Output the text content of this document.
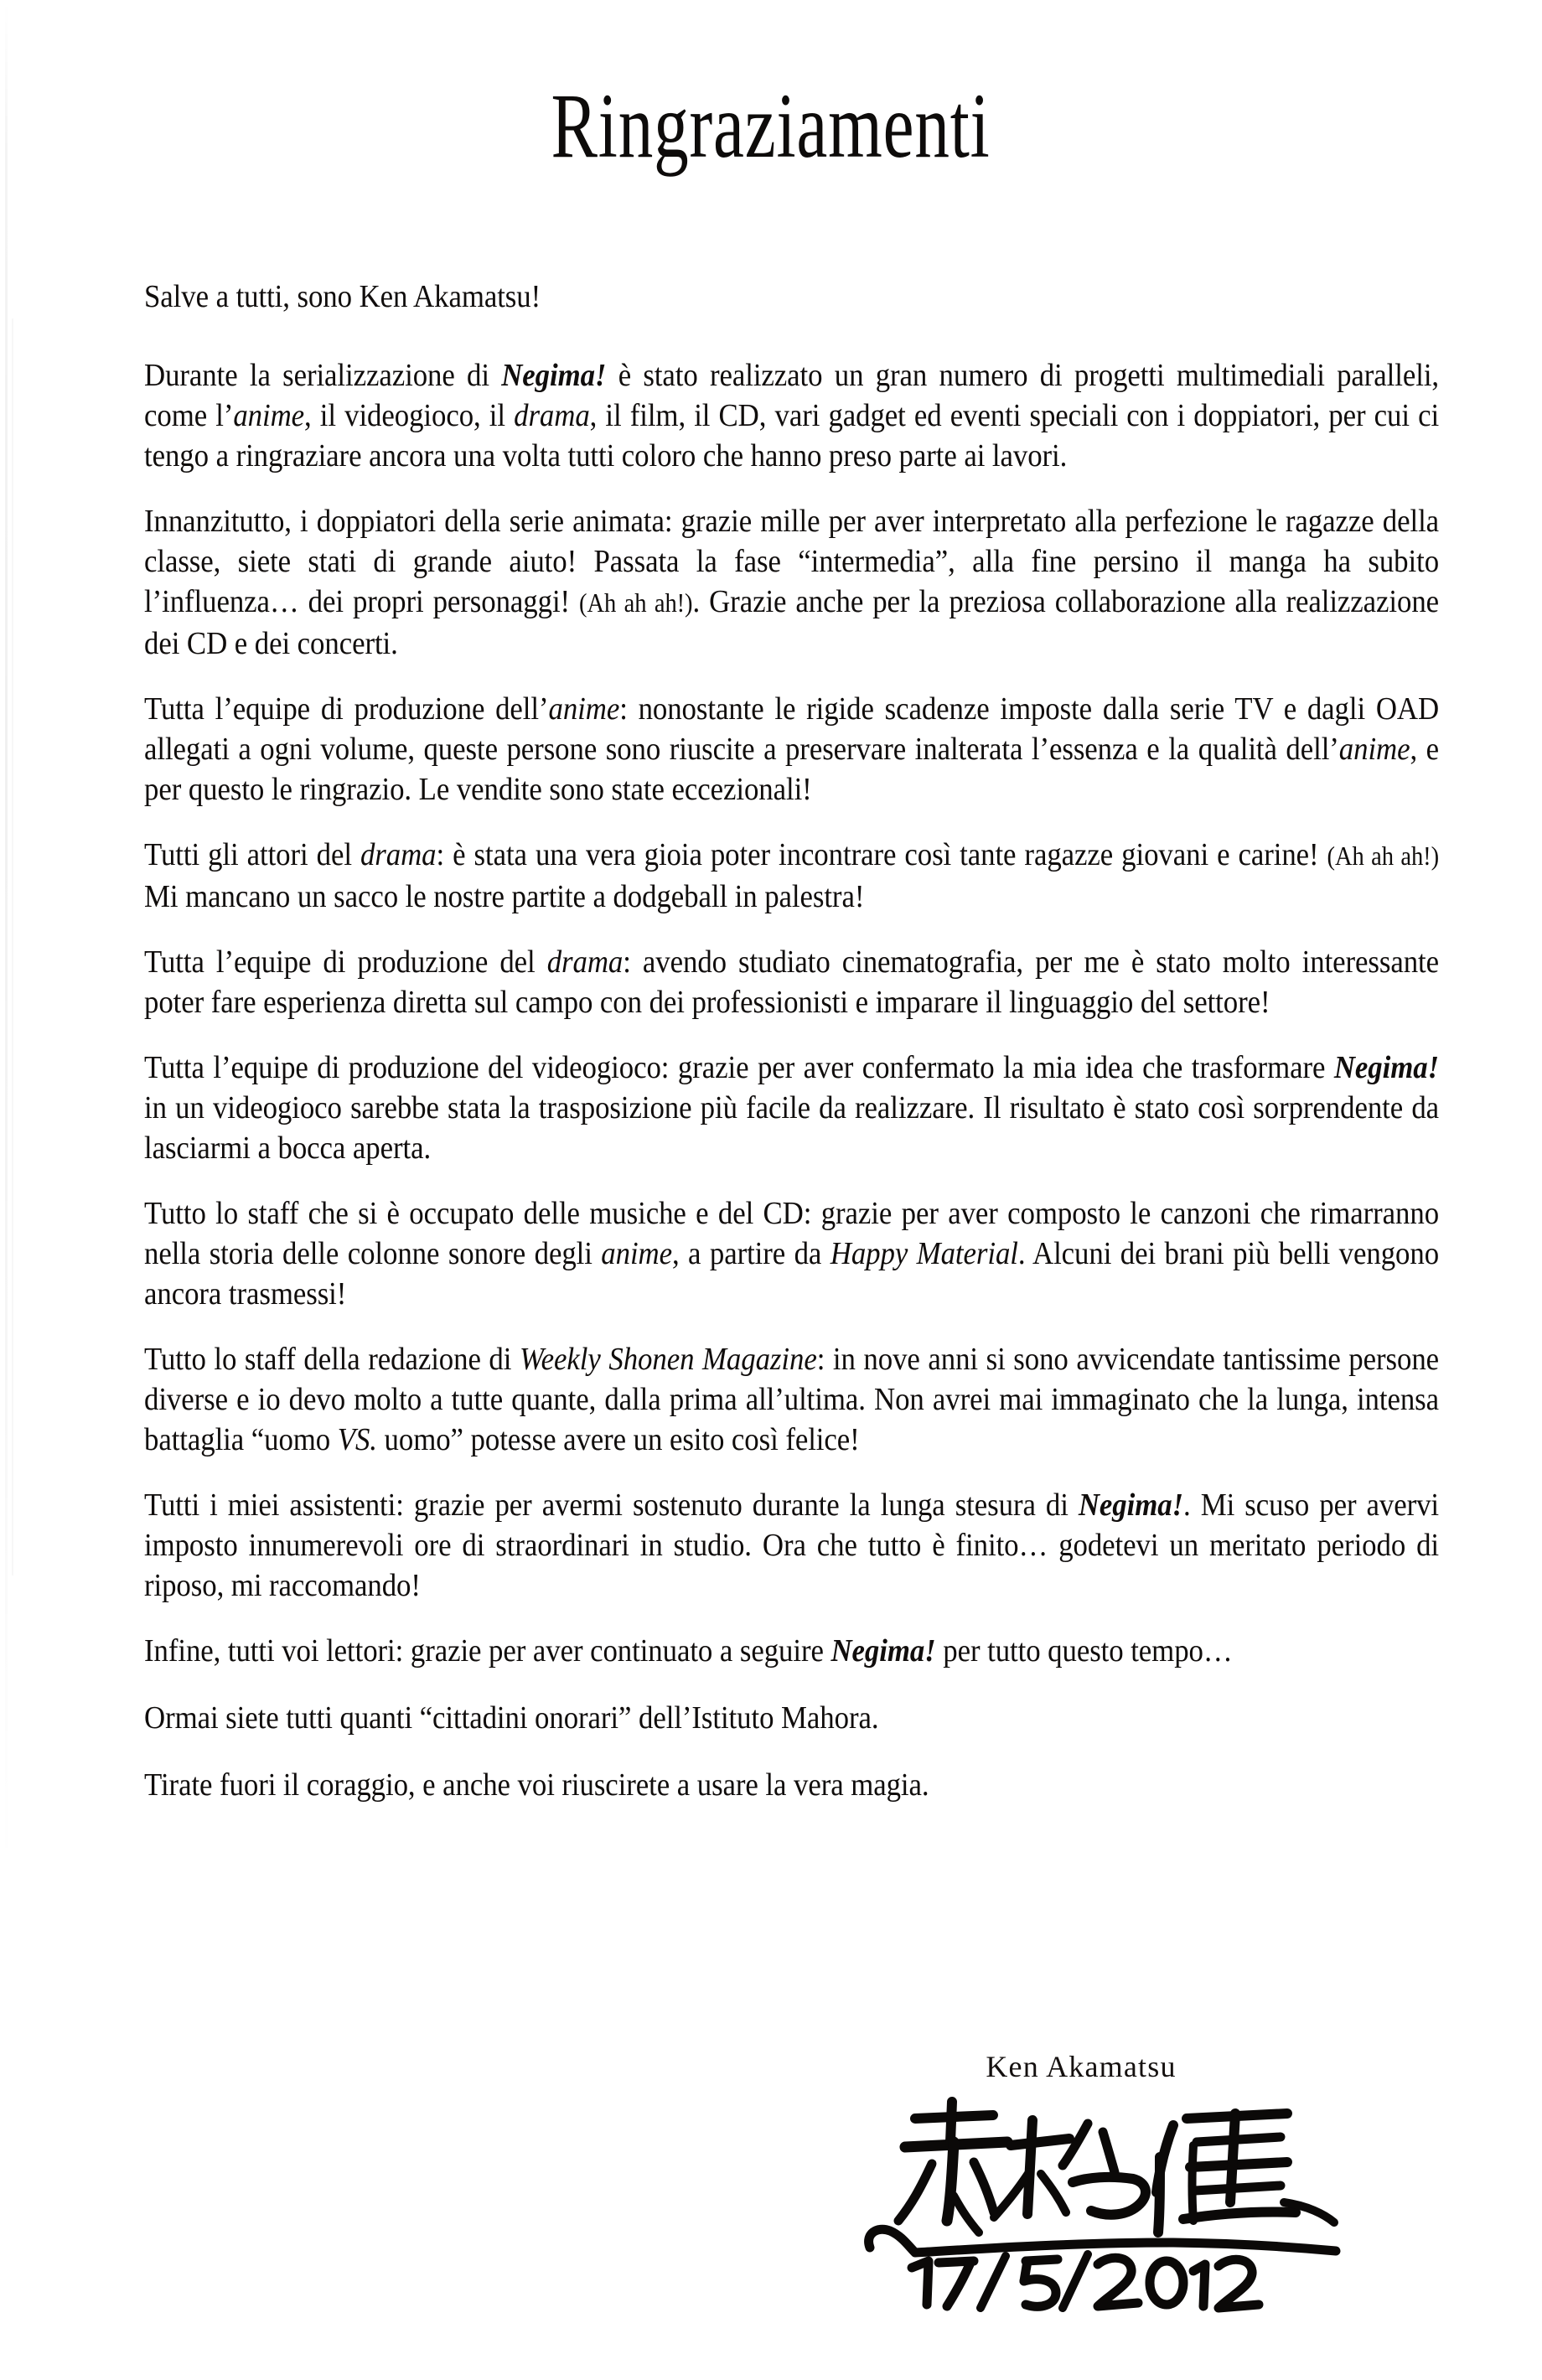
Ringraziamenti

Salve a tutti, sono Ken Akamatsu!

Durante la serializzazione di Negima! è stato realizzato un gran numero di progetti multimediali paralleli, come l’anime, il videogioco, il drama, il film, il CD, vari gadget ed eventi speciali con i doppiatori, per cui ci tengo a ringraziare ancora una volta tutti coloro che hanno preso parte ai lavori.

Innanzitutto, i doppiatori della serie animata: grazie mille per aver interpretato alla perfezione le ragazze della classe, siete stati di grande aiuto! Passata la fase “intermedia”, alla fine persino il manga ha subito l’influenza… dei propri personaggi! (Ah ah ah!). Grazie anche per la preziosa collaborazione alla realizzazione dei CD e dei concerti.

Tutta l’equipe di produzione dell’anime: nonostante le rigide scadenze imposte dalla serie TV e dagli OAD allegati a ogni volume, queste persone sono riuscite a preservare inalterata l’essenza e la qualità dell’anime, e per questo le ringrazio. Le vendite sono state eccezionali!

Tutti gli attori del drama: è stata una vera gioia poter incontrare così tante ragazze giovani e carine! (Ah ah ah!) Mi mancano un sacco le nostre partite a dodgeball in palestra!

Tutta l’equipe di produzione del drama: avendo studiato cinematografia, per me è stato molto interessante poter fare esperienza diretta sul campo con dei professionisti e imparare il linguaggio del settore!

Tutta l’equipe di produzione del videogioco: grazie per aver confermato la mia idea che trasformare Negima! in un videogioco sarebbe stata la trasposizione più facile da realizzare. Il risultato è stato così sorprendente da lasciarmi a bocca aperta.

Tutto lo staff che si è occupato delle musiche e del CD: grazie per aver composto le canzoni che rimarranno nella storia delle colonne sonore degli anime, a partire da Happy Material. Alcuni dei brani più belli vengono ancora trasmessi!

Tutto lo staff della redazione di Weekly Shonen Magazine: in nove anni si sono avvicendate tantissime persone diverse e io devo molto a tutte quante, dalla prima all’ultima. Non avrei mai immaginato che la lunga, intensa battaglia “uomo VS. uomo” potesse avere un esito così felice!

Tutti i miei assistenti: grazie per avermi sostenuto durante la lunga stesura di Negima!. Mi scuso per avervi imposto innumerevoli ore di straordinari in studio. Ora che tutto è finito… godetevi un meritato periodo di riposo, mi raccomando!

Infine, tutti voi lettori: grazie per aver continuato a seguire Negima! per tutto questo tempo…

Ormai siete tutti quanti “cittadini onorari” dell’Istituto Mahora.

Tirate fuori il coraggio, e anche voi riuscirete a usare la vera magia.

Ken Akamatsu
